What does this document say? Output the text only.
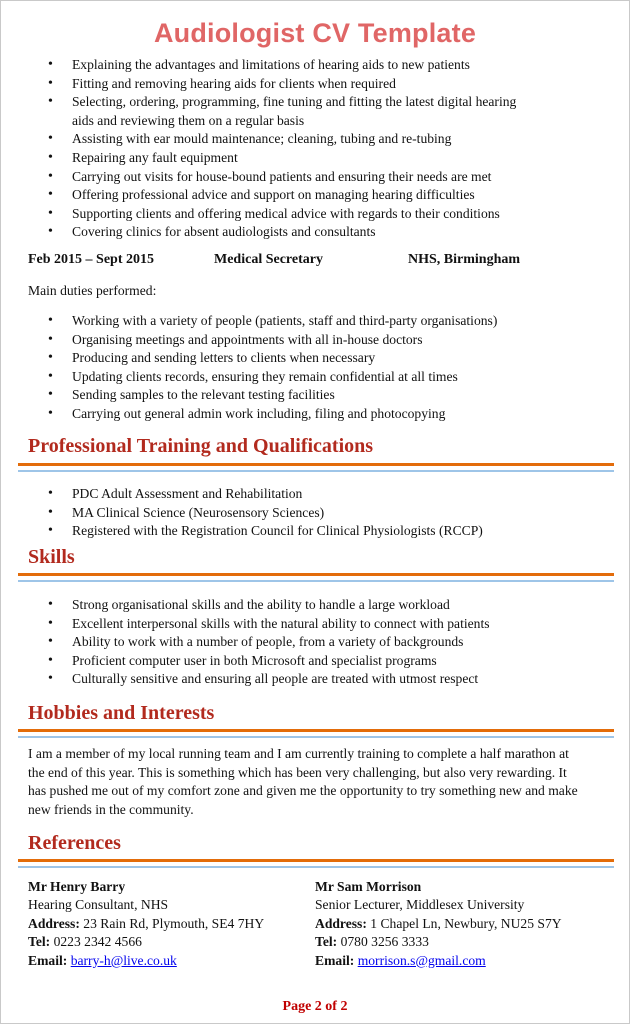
Audiologist CV Template
• Explaining the advantages and limitations of hearing aids to new patients
• Fitting and removing hearing aids for clients when required
• Selecting, ordering, programming, fine tuning and fitting the latest digital hearing aids and reviewing them on a regular basis
• Assisting with ear mould maintenance; cleaning, tubing and re-tubing
• Repairing any fault equipment
• Carrying out visits for house-bound patients and ensuring their needs are met
• Offering professional advice and support on managing hearing difficulties
• Supporting clients and offering medical advice with regards to their conditions
• Covering clinics for absent audiologists and consultants
Feb 2015 – Sept 2015	Medical Secretary	NHS, Birmingham
Main duties performed:
• Working with a variety of people (patients, staff and third-party organisations)
• Organising meetings and appointments with all in-house doctors
• Producing and sending letters to clients when necessary
• Updating clients records, ensuring they remain confidential at all times
• Sending samples to the relevant testing facilities
• Carrying out general admin work including, filing and photocopying
Professional Training and Qualifications
• PDC Adult Assessment and Rehabilitation
• MA Clinical Science (Neurosensory Sciences)
• Registered with the Registration Council for Clinical Physiologists (RCCP)
Skills
• Strong organisational skills and the ability to handle a large workload
• Excellent interpersonal skills with the natural ability to connect with patients
• Ability to work with a number of people, from a variety of backgrounds
• Proficient computer user in both Microsoft and specialist programs
• Culturally sensitive and ensuring all people are treated with utmost respect
Hobbies and Interests
I am a member of my local running team and I am currently training to complete a half marathon at the end of this year. This is something which has been very challenging, but also very rewarding. It has pushed me out of my comfort zone and given me the opportunity to try something new and make new friends in the community.
References
Mr Henry Barry
Hearing Consultant, NHS
Address: 23 Rain Rd, Plymouth, SE4 7HY
Tel: 0223 2342 4566
Email: barry-h@live.co.uk
Mr Sam Morrison
Senior Lecturer, Middlesex University
Address: 1 Chapel Ln, Newbury, NU25 S7Y
Tel: 0780 3256 3333
Email: morrison.s@gmail.com
Page 2 of 2
